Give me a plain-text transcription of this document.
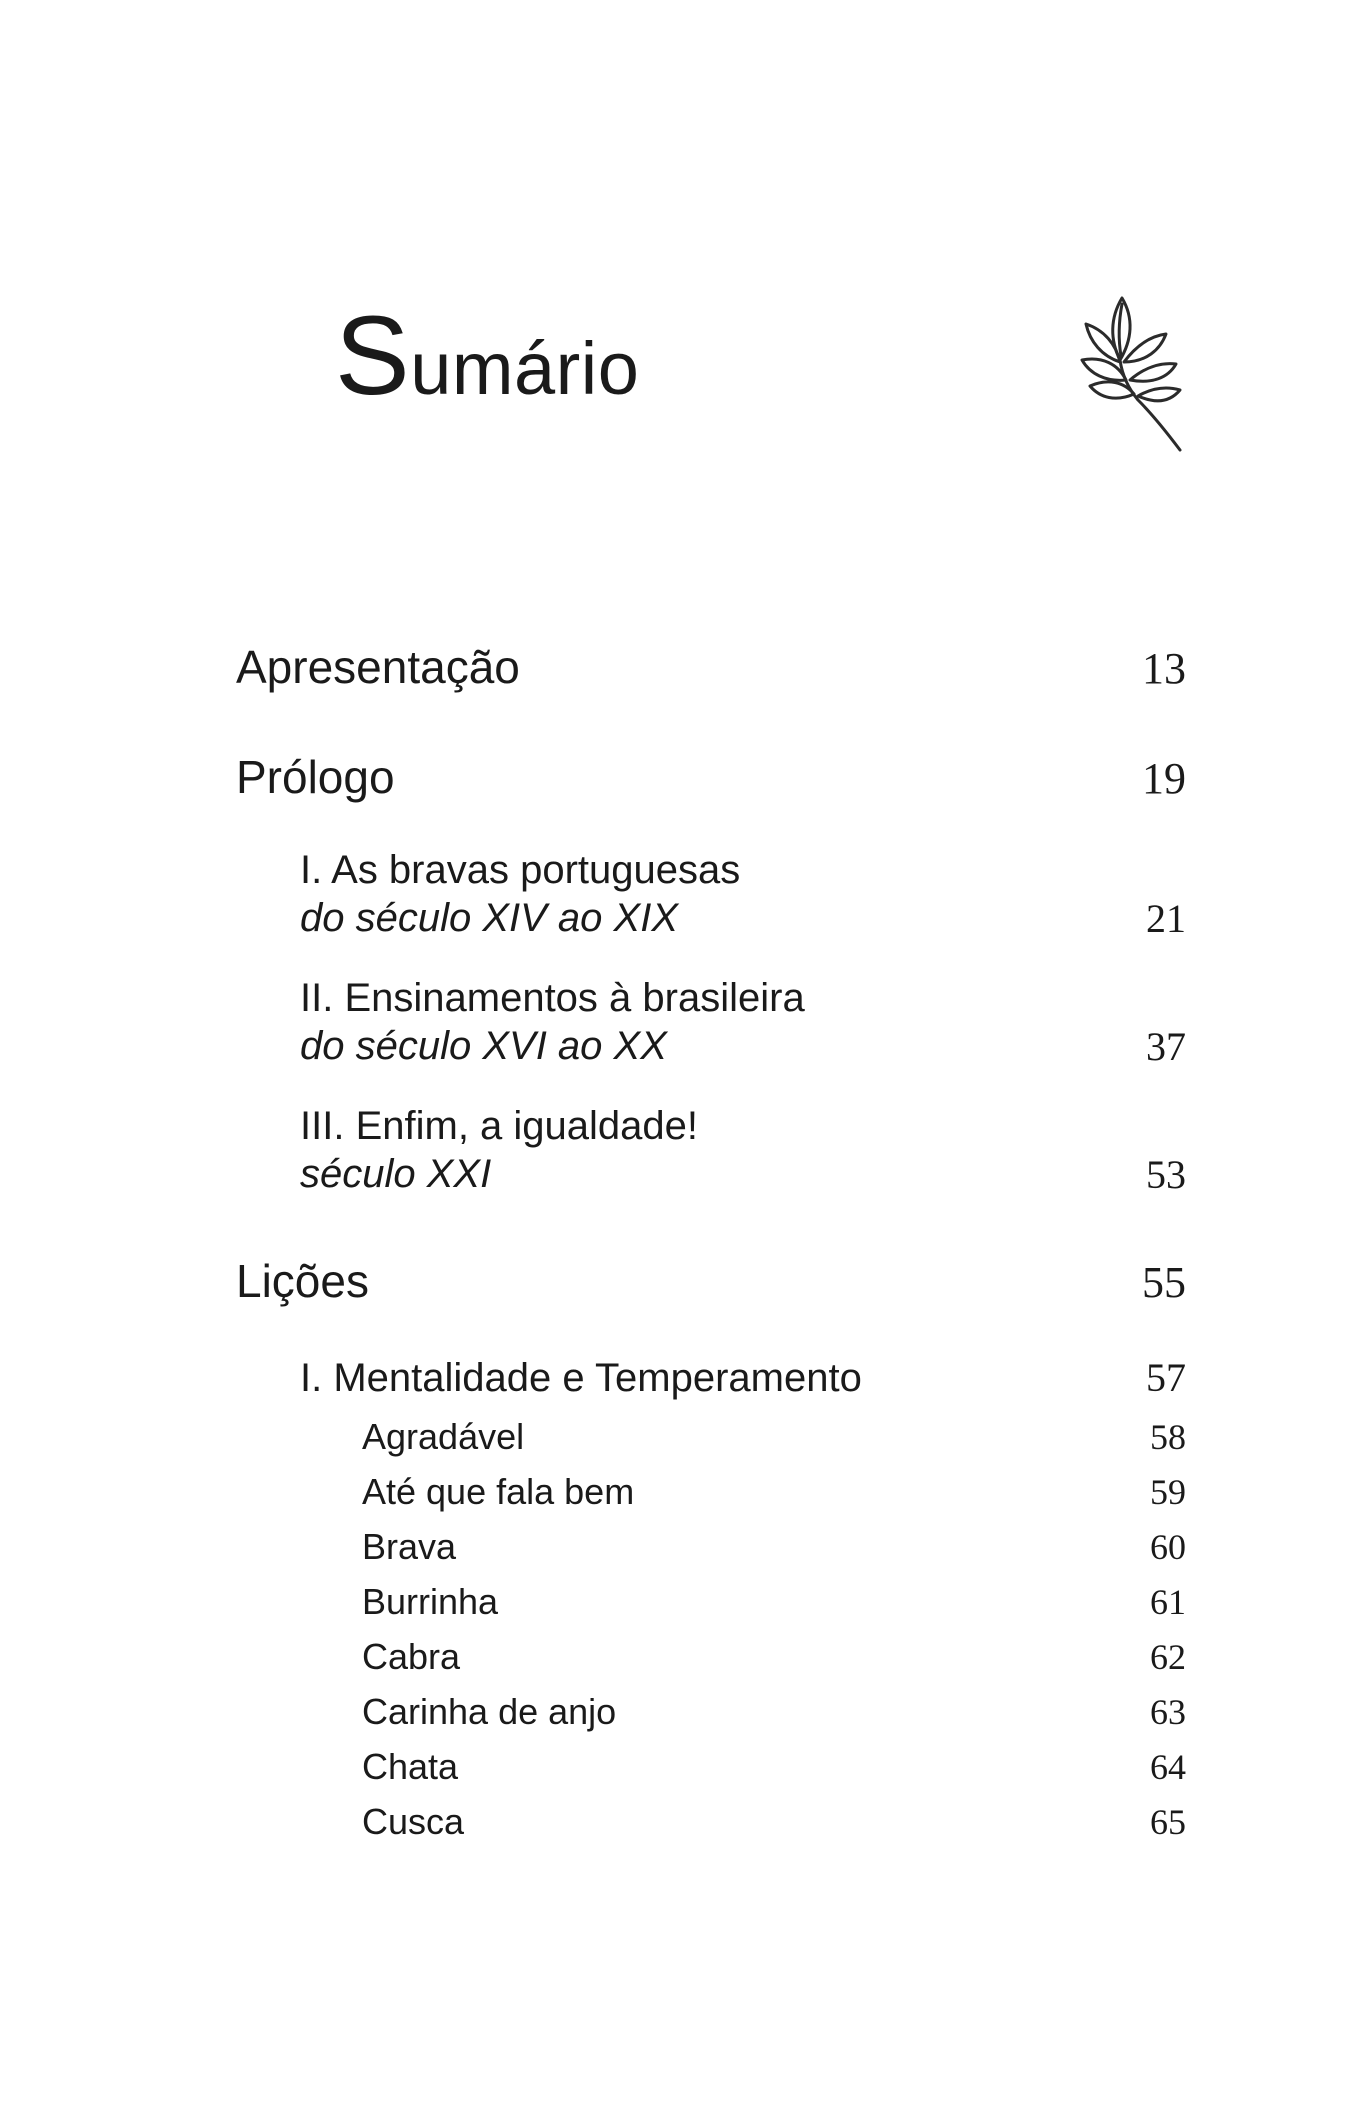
Sumário
Apresentação	13
Prólogo	19
I. As bravas portuguesas
do século XIV ao XIX	21
II. Ensinamentos à brasileira
do século XVI ao XX	37
III. Enfim, a igualdade!
século XXI	53
Lições	55
I. Mentalidade e Temperamento	57
Agradável	58
Até que fala bem	59
Brava	60
Burrinha	61
Cabra	62
Carinha de anjo	63
Chata	64
Cusca	65
